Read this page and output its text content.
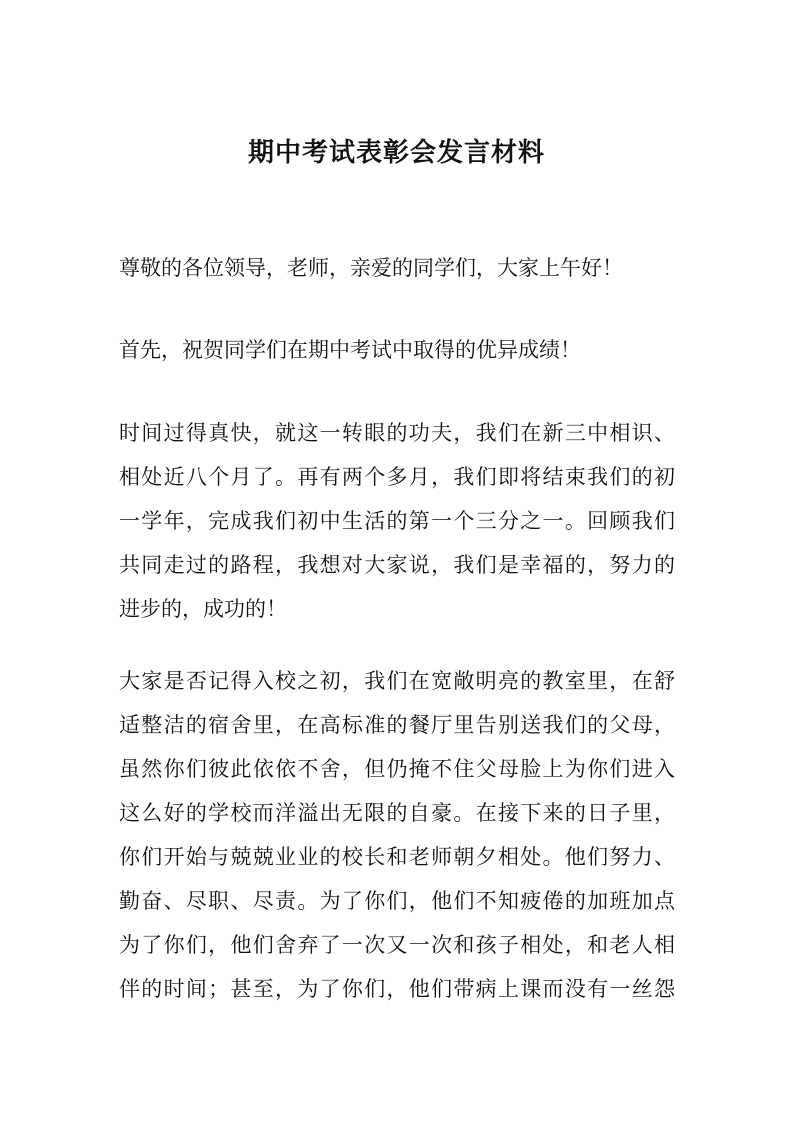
期中考试表彰会发言材料
尊敬的各位领导，老师，亲爱的同学们，大家上午好！
首先，祝贺同学们在期中考试中取得的优异成绩！
时间过得真快，就这一转眼的功夫，我们在新三中相识、
相处近八个月了。再有两个多月，我们即将结束我们的初
一学年，完成我们初中生活的第一个三分之一。回顾我们
共同走过的路程，我想对大家说，我们是幸福的，努力的
进步的，成功的！
大家是否记得入校之初，我们在宽敞明亮的教室里，在舒
适整洁的宿舍里，在高标准的餐厅里告别送我们的父母，
虽然你们彼此依依不舍，但仍掩不住父母脸上为你们进入
这么好的学校而洋溢出无限的自豪。在接下来的日子里，
你们开始与兢兢业业的校长和老师朝夕相处。他们努力、
勤奋、尽职、尽责。为了你们，他们不知疲倦的加班加点
为了你们，他们舍弃了一次又一次和孩子相处，和老人相
伴的时间；甚至，为了你们，他们带病上课而没有一丝怨
